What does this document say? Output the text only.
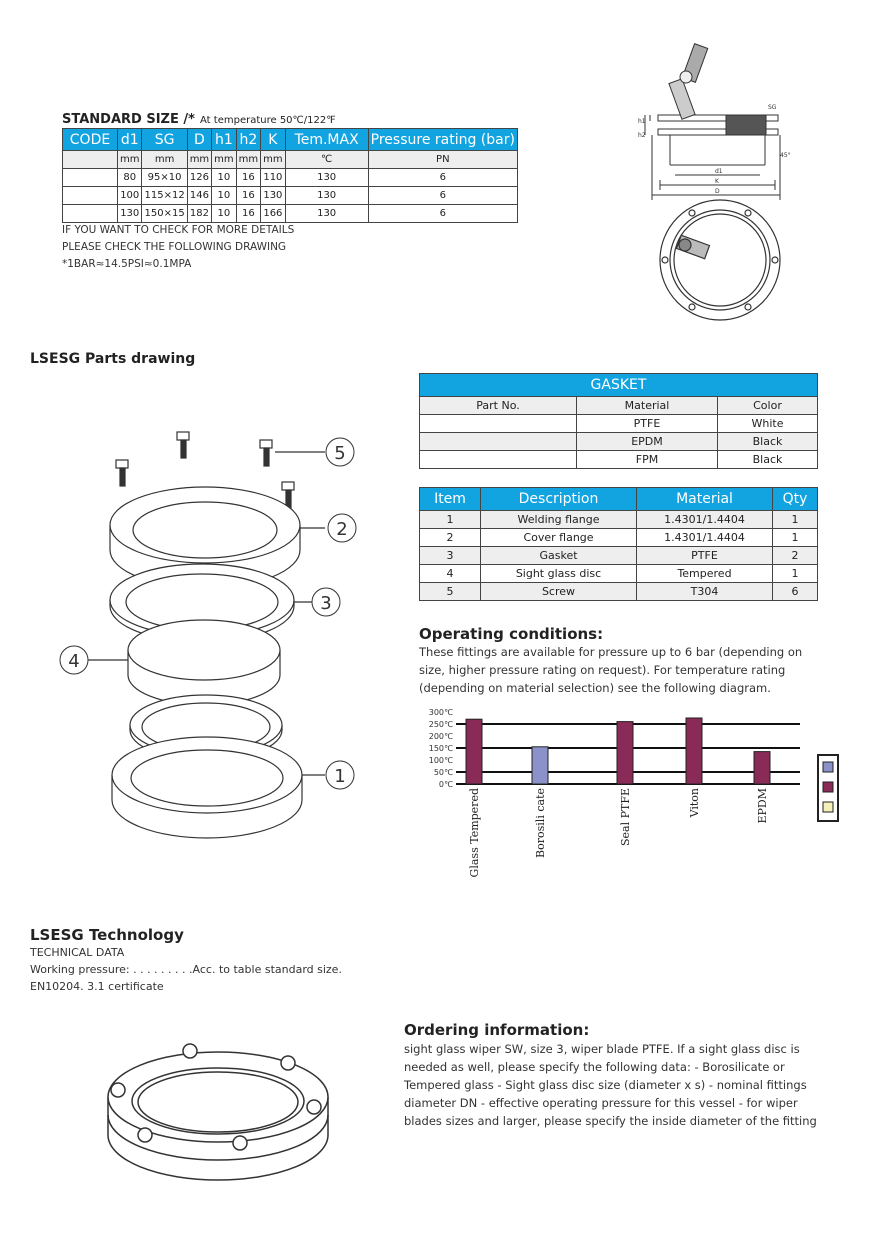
STANDARD SIZE /* At temperature 50℃/122℉
CODE	d1	SG	D	h1	h2	K	Tem.MAX	Pressure rating (bar)
	mm	mm	mm	mm	mm	mm	℃	PN
	80	95×10	126	10	16	110	130	6
	100	115×12	146	10	16	130	130	6
	130	150×15	182	10	16	166	130	6
IF YOU WANT TO CHECK FOR MORE DETAILS
PLEASE CHECK THE FOLLOWING DRAWING
*1BAR≈14.5PSI≈0.1MPA
SG
h1
h2
45°
d1
K
D
LSESG Parts drawing
5
2
3
4
1
GASKET		
Part No.	Material	Color
	PTFE	White
	EPDM	Black
	FPM	Black
Item	Description	Material	Qty
1	Welding flange	1.4301/1.4404	1
2	Cover flange	1.4301/1.4404	1
3	Gasket	PTFE	2
4	Sight glass disc	Tempered	1
5	Screw	T304	6
Operating conditions:
These fittings are available for pressure up to 6 bar (depending on size, higher pressure rating on request). For temperature rating (depending on material selection) see the following diagram.
0℃
50℃
100℃
150℃
200℃
250℃
300℃
Glass Tempered	Borosili cate	Seal PTFE	Viton	EPDM
LSESG Technology
TECHNICAL DATA
Working pressure: . . . . . . . . .Acc. to table standard size.
EN10204. 3.1 certificate
Ordering information:
sight glass wiper SW, size 3, wiper blade PTFE. If a sight glass disc is needed as well, please specify the following data: - Borosilicate or Tempered glass - Sight glass disc size (diameter x s) - nominal fittings diameter DN - effective operating pressure for this vessel - for wiper blades sizes and larger, please specify the inside diameter of the fitting
